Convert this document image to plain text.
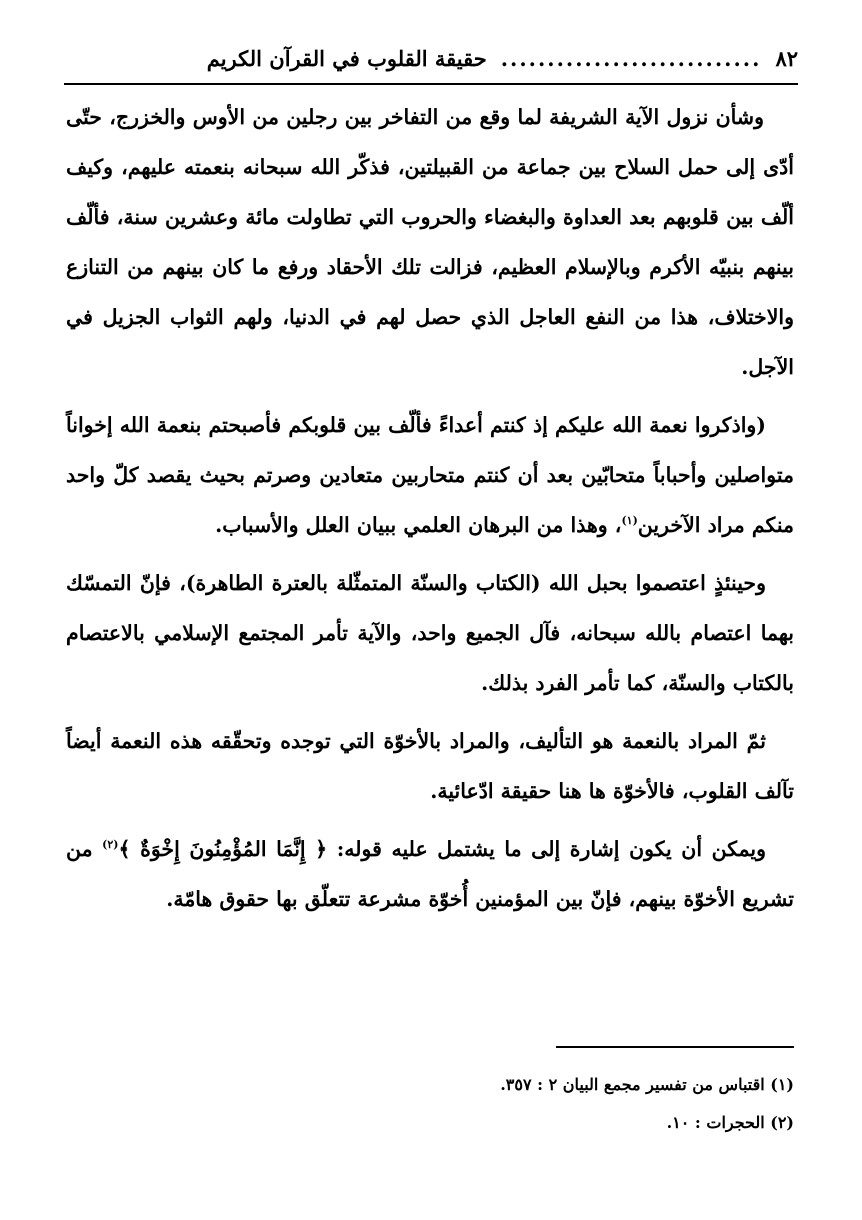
٨٢
............................
حقيقة القلوب في القرآن الكريم

وشأن نزول الآية الشريفة لما وقع من التفاخر بين رجلين من الأوس والخزرج، حتّى أدّى إلى حمل السلاح بين جماعة من القبيلتين، فذكّر الله سبحانه بنعمته عليهم، وكيف ألّف بين قلوبهم بعد العداوة والبغضاء والحروب التي تطاولت مائة وعشرين سنة، فألّف بينهم بنبيّه الأكرم وبالإسلام العظيم، فزالت تلك الأحقاد ورفع ما كان بينهم من التنازع والاختلاف، هذا من النفع العاجل الذي حصل لهم في الدنيا، ولهم الثواب الجزيل في الآجل.

(واذكروا نعمة الله عليكم إذ كنتم أعداءً فألّف بين قلوبكم فأصبحتم بنعمة الله إخواناً متواصلين وأحباباً متحابّين بعد أن كنتم متحاربين متعادين وصرتم بحيث يقصد كلّ واحد منكم مراد الآخرين$^{(١)}$، وهذا من البرهان العلمي ببيان العلل والأسباب.

وحينئذٍ اعتصموا بحبل الله (الكتاب والسنّة المتمثّلة بالعترة الطاهرة)، فإنّ التمسّك بهما اعتصام بالله سبحانه، فآل الجميع واحد، والآية تأمر المجتمع الإسلامي بالاعتصام بالكتاب والسنّة، كما تأمر الفرد بذلك.

ثمّ المراد بالنعمة هو التأليف، والمراد بالأخوّة التي توجده وتحقّقه هذه النعمة أيضاً تآلف القلوب، فالأخوّة ها هنا حقيقة ادّعائية.

ويمكن أن يكون إشارة إلى ما يشتمل عليه قوله: ﴿ إِنَّمَا المُؤْمِنُونَ إِخْوَةٌ ﴾$^{(٢)}$ من تشريع الأخوّة بينهم، فإنّ بين المؤمنين أُخوّة مشرعة تتعلّق بها حقوق هامّة.

(١) اقتباس من تفسير مجمع البيان ٢ : ٣٥٧.
(٢) الحجرات : ١٠.
